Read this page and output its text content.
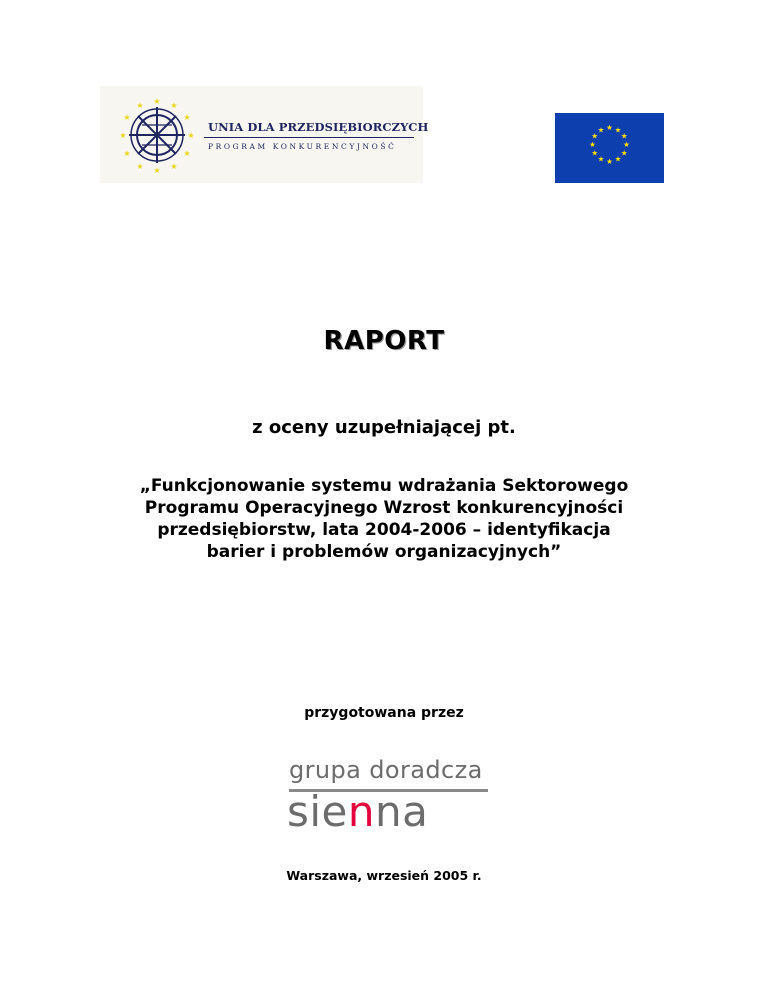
★ ★
★
★
★
★
★
★
★
★
★
★
UNIA DLA PRZEDSIĘBIORCZYCH
PROGRAM KONKURENCYJNOŚĆ
★ ★
★
★
★
★
★
★
★
★
★
★
RAPORT
z oceny uzupełniającej pt.
„Funkcjonowanie systemu wdrażania Sektorowego
Programu Operacyjnego Wzrost konkurencyjności
przedsiębiorstw, lata 2004-2006 – identyfikacja
barier i problemów organizacyjnych”
przygotowana przez
grupa doradcza
sienna
Warszawa, wrzesień 2005 r.
